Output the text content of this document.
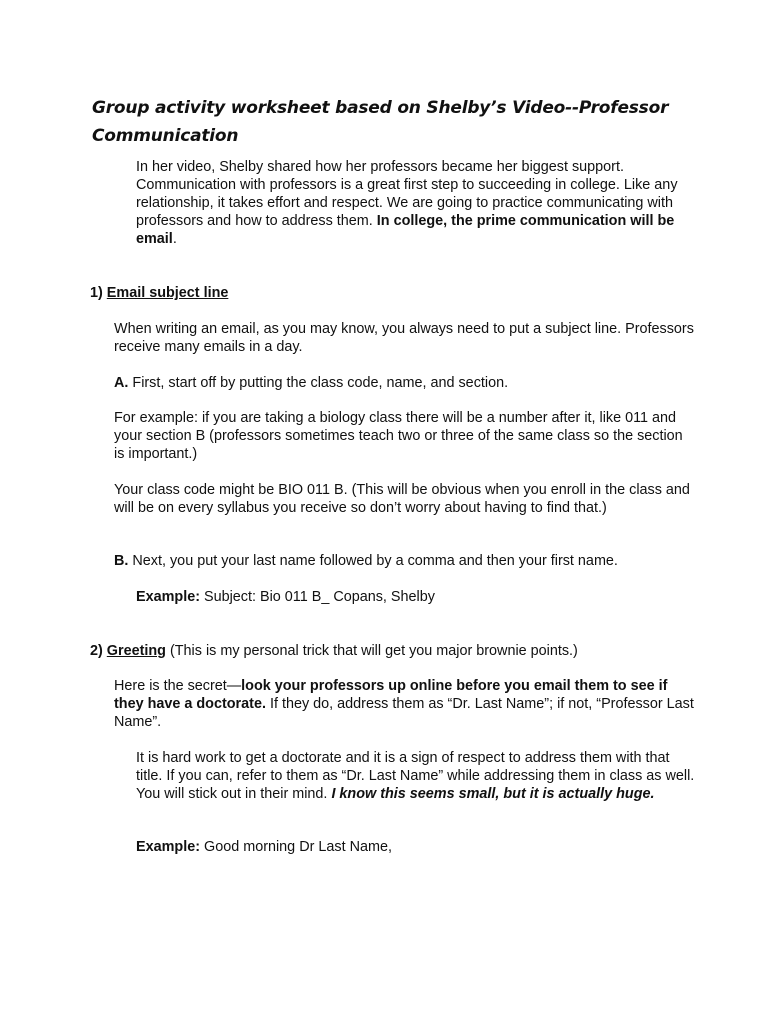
Group activity worksheet based on Shelby’s Video--Professor Communication

In her video, Shelby shared how her professors became her biggest support. Communication with professors is a great first step to succeeding in college. Like any relationship, it takes effort and respect. We are going to practice communicating with professors and how to address them. In college, the prime communication will be email.

1) Email subject line

When writing an email, as you may know, you always need to put a subject line. Professors receive many emails in a day.

A. First, start off by putting the class code, name, and section.

For example: if you are taking a biology class there will be a number after it, like 011 and your section B (professors sometimes teach two or three of the same class so the section is important.)

Your class code might be BIO 011 B. (This will be obvious when you enroll in the class and will be on every syllabus you receive so don’t worry about having to find that.)

B. Next, you put your last name followed by a comma and then your first name.

Example: Subject: Bio 011 B_ Copans, Shelby

2) Greeting (This is my personal trick that will get you major brownie points.)

Here is the secret—look your professors up online before you email them to see if they have a doctorate. If they do, address them as “Dr. Last Name”; if not, “Professor Last Name”.

It is hard work to get a doctorate and it is a sign of respect to address them with that title. If you can, refer to them as “Dr. Last Name” while addressing them in class as well. You will stick out in their mind. I know this seems small, but it is actually huge.

Example: Good morning Dr Last Name,
